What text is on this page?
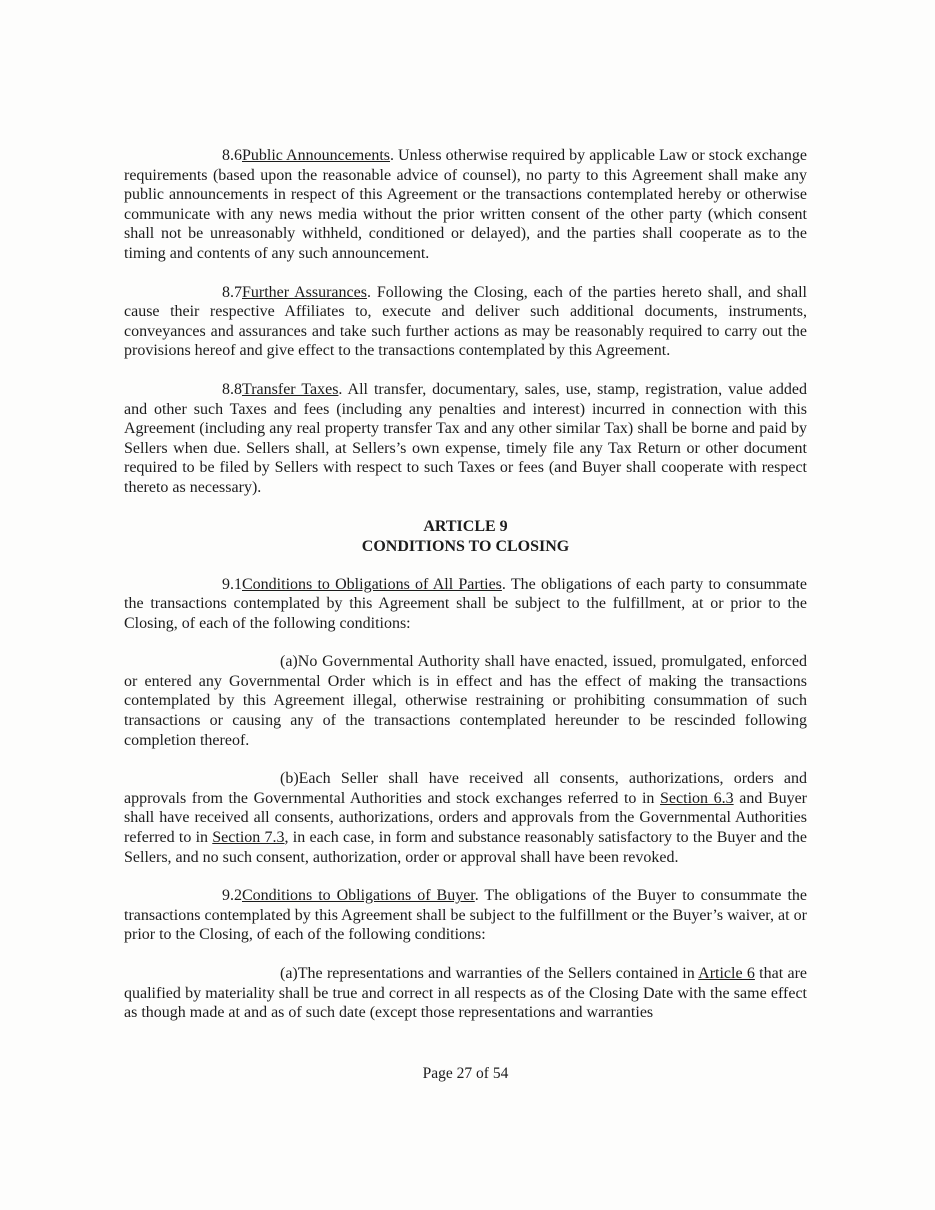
8.6Public Announcements. Unless otherwise required by applicable Law or stock exchange requirements (based upon the reasonable advice of counsel), no party to this Agreement shall make any public announcements in respect of this Agreement or the transactions contemplated hereby or otherwise communicate with any news media without the prior written consent of the other party (which consent shall not be unreasonably withheld, conditioned or delayed), and the parties shall cooperate as to the timing and contents of any such announcement.

8.7Further Assurances. Following the Closing, each of the parties hereto shall, and shall cause their respective Affiliates to, execute and deliver such additional documents, instruments, conveyances and assurances and take such further actions as may be reasonably required to carry out the provisions hereof and give effect to the transactions contemplated by this Agreement.

8.8Transfer Taxes. All transfer, documentary, sales, use, stamp, registration, value added and other such Taxes and fees (including any penalties and interest) incurred in connection with this Agreement (including any real property transfer Tax and any other similar Tax) shall be borne and paid by Sellers when due. Sellers shall, at Sellers’s own expense, timely file any Tax Return or other document required to be filed by Sellers with respect to such Taxes or fees (and Buyer shall cooperate with respect thereto as necessary).

ARTICLE 9
CONDITIONS TO CLOSING

9.1Conditions to Obligations of All Parties. The obligations of each party to consummate the transactions contemplated by this Agreement shall be subject to the fulfillment, at or prior to the Closing, of each of the following conditions:

(a)No Governmental Authority shall have enacted, issued, promulgated, enforced or entered any Governmental Order which is in effect and has the effect of making the transactions contemplated by this Agreement illegal, otherwise restraining or prohibiting consummation of such transactions or causing any of the transactions contemplated hereunder to be rescinded following completion thereof.

(b)Each Seller shall have received all consents, authorizations, orders and approvals from the Governmental Authorities and stock exchanges referred to in Section 6.3 and Buyer shall have received all consents, authorizations, orders and approvals from the Governmental Authorities referred to in Section 7.3, in each case, in form and substance reasonably satisfactory to the Buyer and the Sellers, and no such consent, authorization, order or approval shall have been revoked.

9.2Conditions to Obligations of Buyer. The obligations of the Buyer to consummate the transactions contemplated by this Agreement shall be subject to the fulfillment or the Buyer’s waiver, at or prior to the Closing, of each of the following conditions:

(a)The representations and warranties of the Sellers contained in Article 6 that are qualified by materiality shall be true and correct in all respects as of the Closing Date with the same effect as though made at and as of such date (except those representations and warranties

Page 27 of 54
